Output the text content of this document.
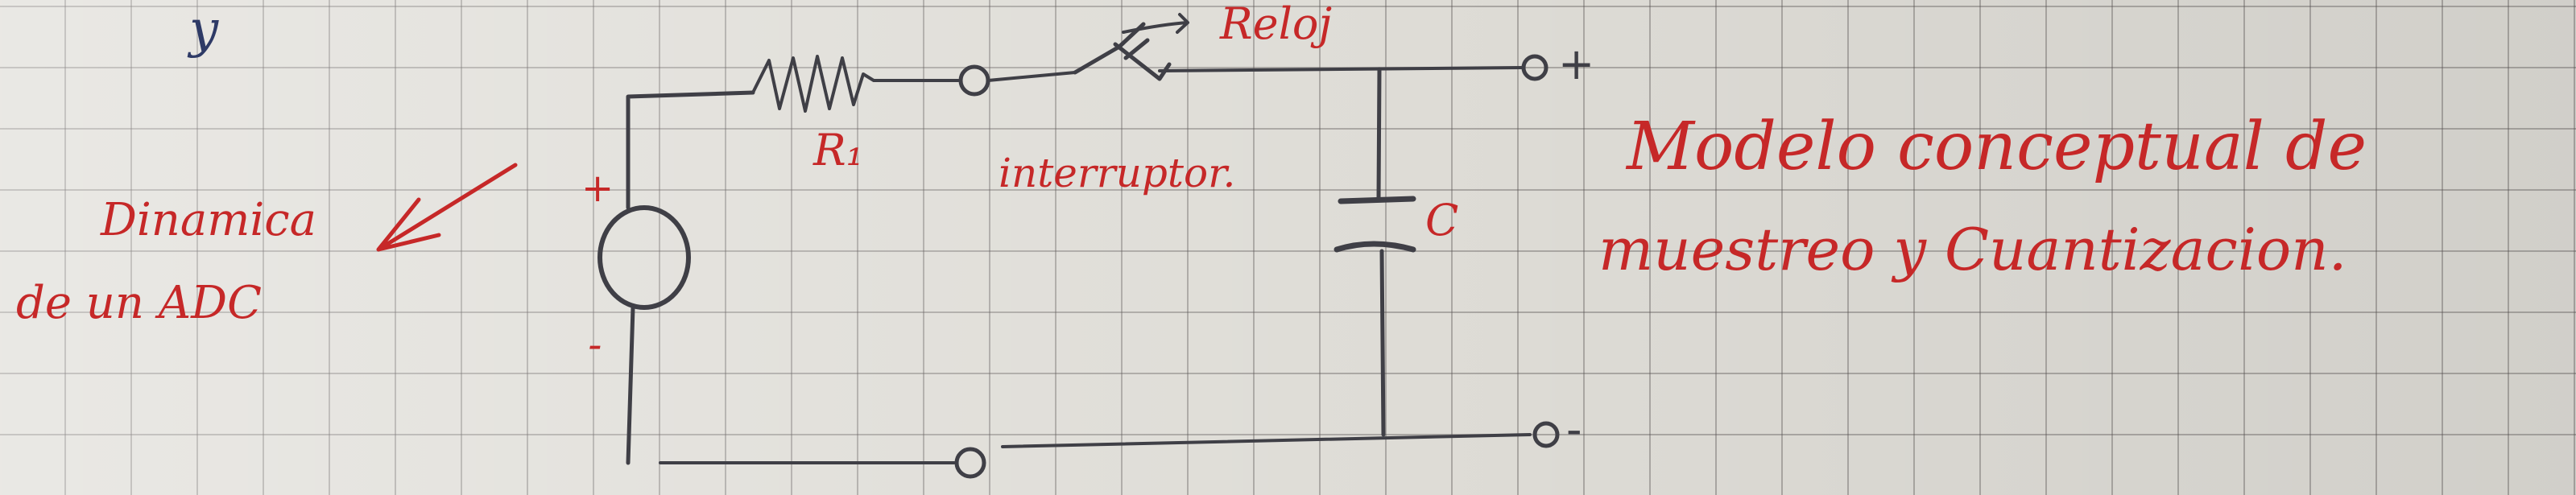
y
+
-
+
-
Reloj
R₁	interruptor.
C
Dinamica
de un ADC
Modelo conceptual de
muestreo y Cuantizacion.
